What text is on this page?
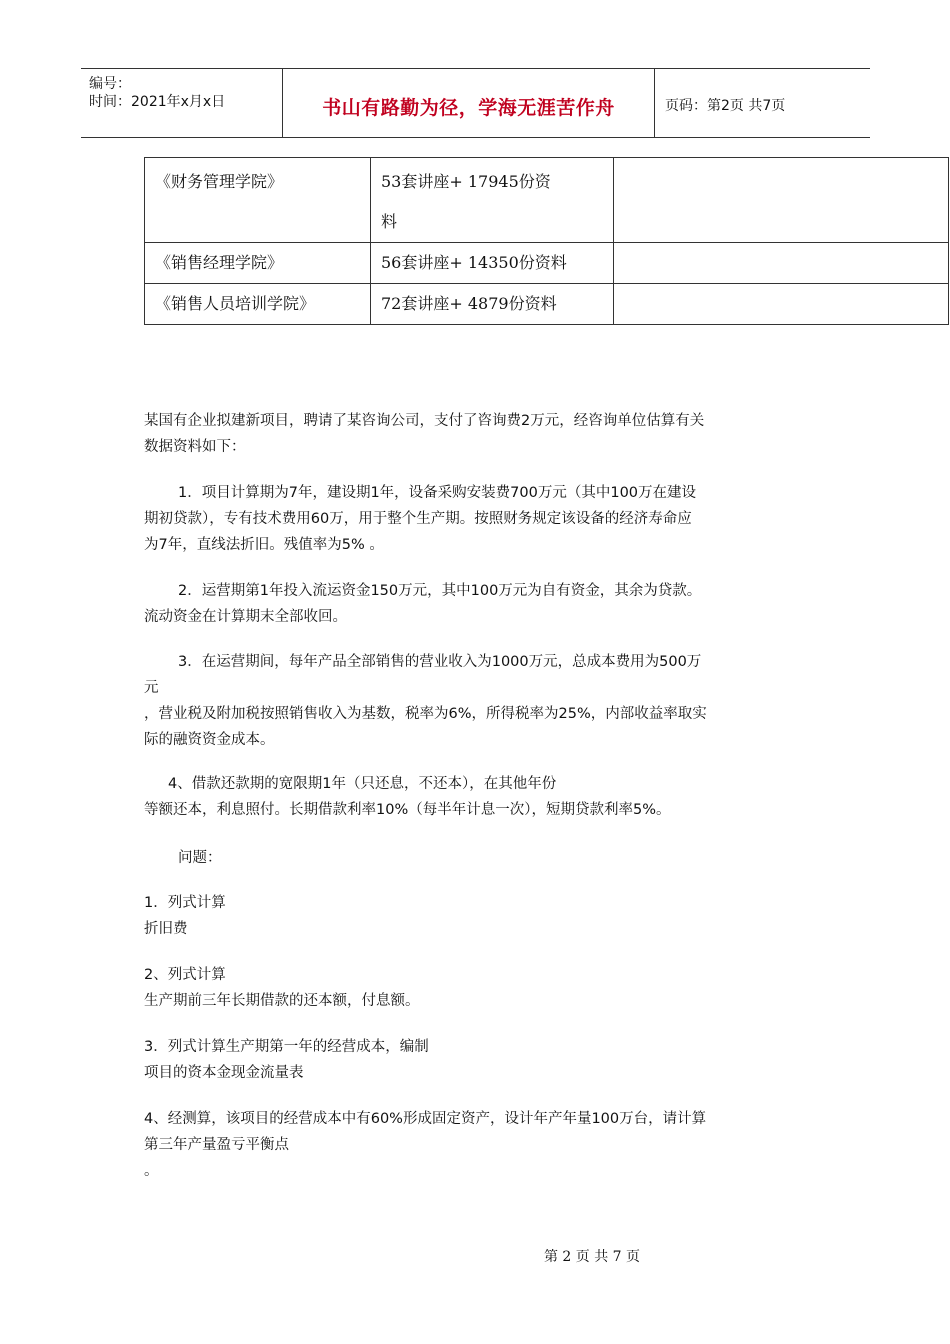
编号：
时间：2021年x月x日	书山有路勤为径，学海无涯苦作舟	页码：第2页 共7页
《财务管理学院》	53套讲座+ 17945份资
料	

《销售经理学院》	56套讲座+ 14350份资料	

《销售人员培训学院》	72套讲座+ 4879份资料	

某国有企业拟建新项目，聘请了某咨询公司，支付了咨询费2万元，经咨询单位估算有关
数据资料如下：
1．项目计算期为7年，建设期1年，设备采购安装费700万元（其中100万在建设
期初贷款），专有技术费用60万，用于整个生产期。按照财务规定该设备的经济寿命应
为7年，直线法折旧。残值率为5% 。
2．运营期第1年投入流运资金150万元，其中100万元为自有资金，其余为贷款。
流动资金在计算期末全部收回。
3．在运营期间，每年产品全部销售的营业收入为1000万元，总成本费用为500万
元
，营业税及附加税按照销售收入为基数，税率为6%，所得税率为25%，内部收益率取实
际的融资资金成本。
4、借款还款期的宽限期1年（只还息，不还本），在其他年份
等额还本，利息照付。长期借款利率10%（每半年计息一次），短期贷款利率5%。
问题：
1．列式计算
折旧费
2、列式计算
生产期前三年长期借款的还本额，付息额。
3．列式计算生产期第一年的经营成本，编制
项目的资本金现金流量表
4、经测算，该项目的经营成本中有60%形成固定资产，设计年产年量100万台，请计算
第三年产量盈亏平衡点
。
第 2 页 共 7 页
